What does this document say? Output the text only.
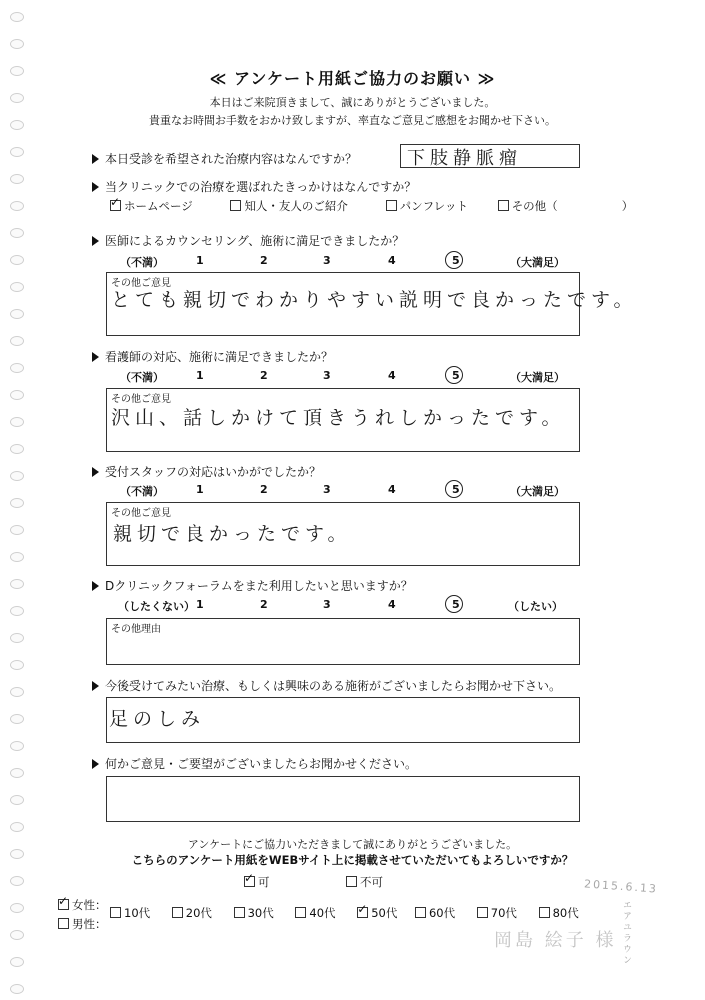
≪ アンケート用紙ご協力のお願い ≫
本日はご来院頂きまして、誠にありがとうございました。
貴重なお時間お手数をおかけ致しますが、率直なご意見ご感想をお聞かせ下さい。
本日受診を希望された治療内容はなんですか？	下肢静脈瘤
当クリニックでの治療を選ばれたきっかけはなんですか？
✓ホームページ	知人・友人のご紹介	パンフレット	その他（	）
医師によるカウンセリング、施術に満足できましたか？
（不満）	1	2	3	4	5	（大満足）
その他ご意見
とても親切でわかりやすい説明で良かったです。
看護師の対応、施術に満足できましたか？
（不満）	1	2	3	4	5	（大満足）
その他ご意見
沢山、話しかけて頂きうれしかったです。
受付スタッフの対応はいかがでしたか？
（不満）	1	2	3	4	5	（大満足）
その他ご意見
親切で良かったです。
Dクリニックフォーラムをまた利用したいと思いますか？
（したくない） 1	2	3	4	5	（したい）
その他理由
今後受けてみたい治療、もしくは興味のある施術がございましたらお聞かせ下さい。
足のしみ
何かご意見・ご要望がございましたらお聞かせください。
アンケートにご協力いただきまして誠にありがとうございました。
こちらのアンケート用紙をWEBサイト上に掲載させていただいてもよろしいですか？
✓可	不可
✓女性：
男性：
10代	20代	30代	40代 ✓	50代	60代	70代	80代
2015.6.13
エアユラウン
岡島 絵子 様
